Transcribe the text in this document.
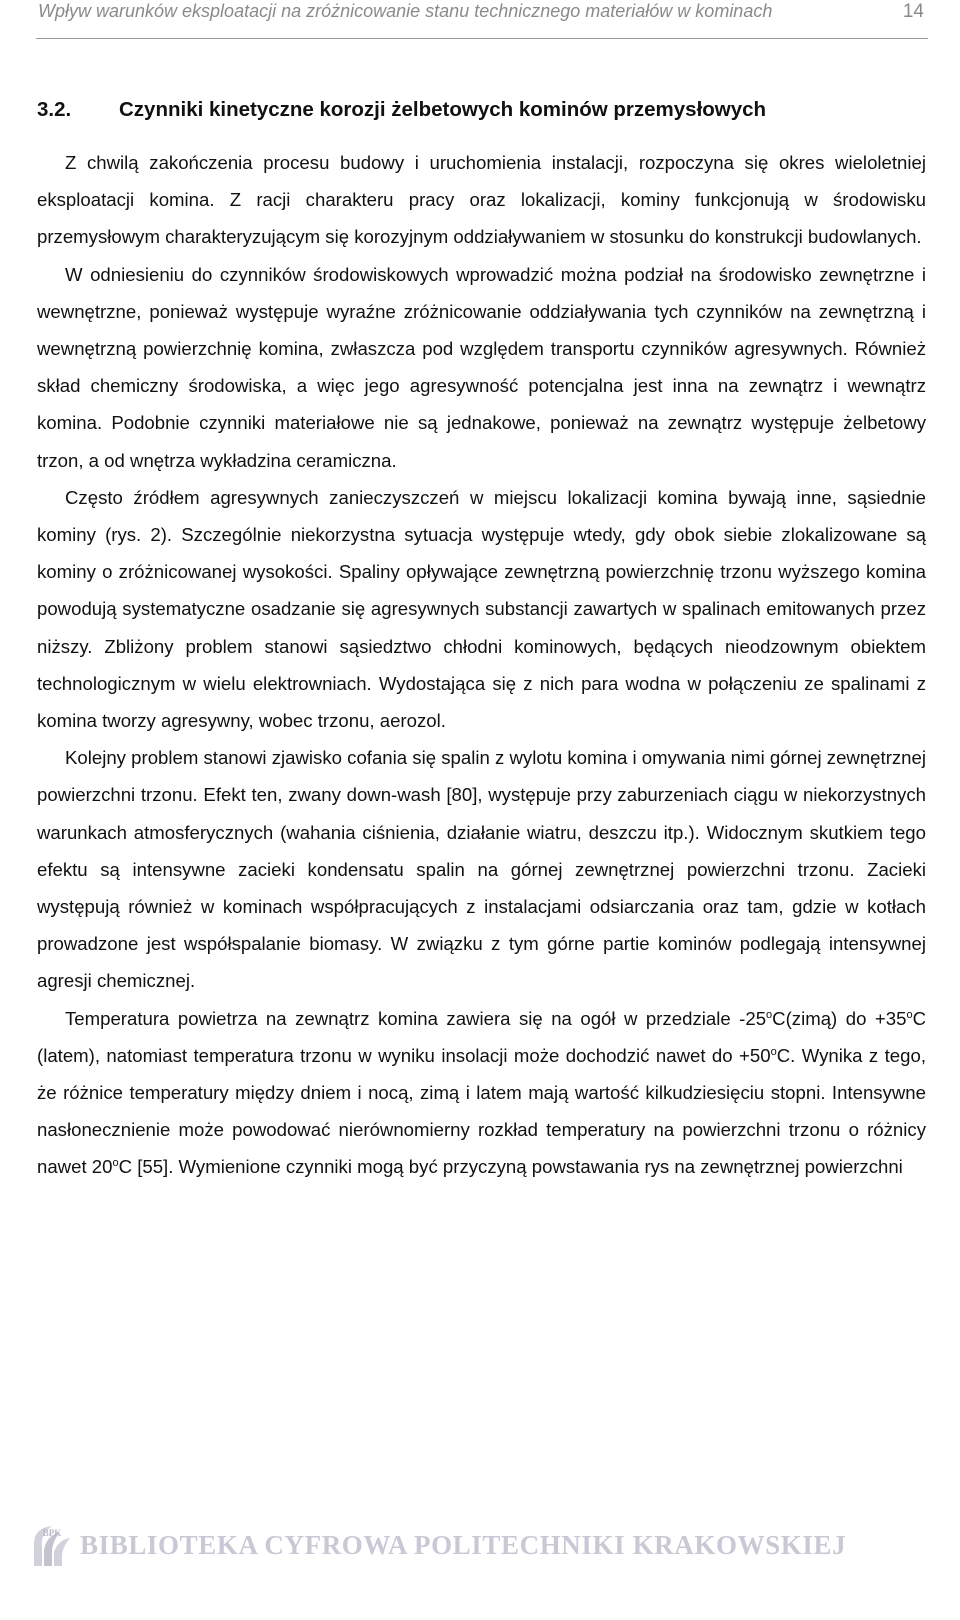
Wpływ warunków eksploatacji na zróżnicowanie stanu technicznego materiałów w kominach	14
3.2. Czynniki kinetyczne korozji żelbetowych kominów przemysłowych

Z chwilą zakończenia procesu budowy i uruchomienia instalacji, rozpoczyna się okres wieloletniej eksploatacji komina. Z racji charakteru pracy oraz lokalizacji, kominy funkcjonują w środowisku przemysłowym charakteryzującym się korozyjnym oddziaływaniem w stosunku do konstrukcji budowlanych.

W odniesieniu do czynników środowiskowych wprowadzić można podział na środowisko zewnętrzne i wewnętrzne, ponieważ występuje wyraźne zróżnicowanie oddziaływania tych czynników na zewnętrzną i wewnętrzną powierzchnię komina, zwłaszcza pod względem transportu czynników agresywnych. Również skład chemiczny środowiska, a więc jego agresywność potencjalna jest inna na zewnątrz i wewnątrz komina. Podobnie czynniki materiałowe nie są jednakowe, ponieważ na zewnątrz występuje żelbetowy trzon, a od wnętrza wykładzina ceramiczna.

Często źródłem agresywnych zanieczyszczeń w miejscu lokalizacji komina bywają inne, sąsiednie kominy (rys. 2). Szczególnie niekorzystna sytuacja występuje wtedy, gdy obok siebie zlokalizowane są kominy o zróżnicowanej wysokości. Spaliny opływające zewnętrzną powierzchnię trzonu wyższego komina powodują systematyczne osadzanie się agresywnych substancji zawartych w spalinach emitowanych przez niższy. Zbliżony problem stanowi sąsiedztwo chłodni kominowych, będących nieodzownym obiektem technologicznym w wielu elektrowniach. Wydostająca się z nich para wodna w połączeniu ze spalinami z komina tworzy agresywny, wobec trzonu, aerozol.

Kolejny problem stanowi zjawisko cofania się spalin z wylotu komina i omywania nimi górnej zewnętrznej powierzchni trzonu. Efekt ten, zwany down-wash [80], występuje przy zaburzeniach ciągu w niekorzystnych warunkach atmosferycznych (wahania ciśnienia, działanie wiatru, deszczu itp.). Widocznym skutkiem tego efektu są intensywne zacieki kondensatu spalin na górnej zewnętrznej powierzchni trzonu. Zacieki występują również w kominach współpracujących z instalacjami odsiarczania oraz tam, gdzie w kotłach prowadzone jest współspalanie biomasy. W związku z tym górne partie kominów podlegają intensywnej agresji chemicznej.

Temperatura powietrza na zewnątrz komina zawiera się na ogół w przedziale -25$^o$C(zimą) do $+35^oC$ (latem), natomiast temperatura trzonu w wyniku insolacji może dochodzić nawet do $+50^oC$. Wynika z tego, że różnice temperatury między dniem i nocą, zimą i latem mają wartość kilkudziesięciu stopni. Intensywne nasłonecznienie może powodować nierównomierny rozkład temperatury na powierzchni trzonu o różnicy nawet 20$^o$C [55]. Wymienione czynniki mogą być przyczyną powstawania rys na zewnętrznej powierzchni

BPK BIBLIOTEKA CYFROWA POLITECHNIKI KRAKOWSKIEJ
